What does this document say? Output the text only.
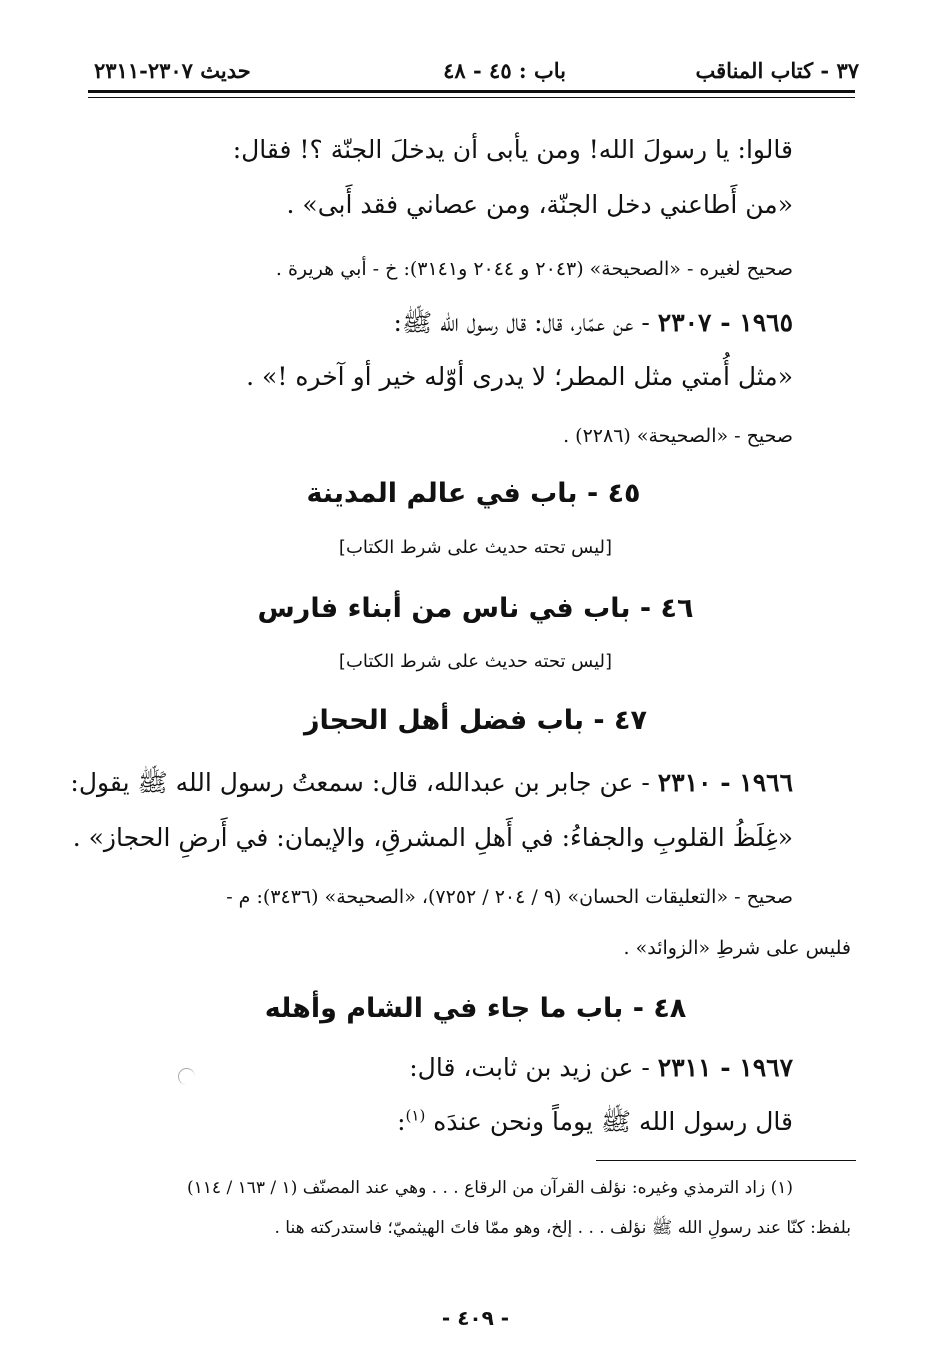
٣٧ - كتاب المناقب
باب : ٤٥ - ٤٨
حديث ٢٣٠٧-٢٣١١
قالوا: يا رسولَ الله! ومن يأبى أن يدخلَ الجنّة ؟! فقال:
«من أَطاعني دخل الجنّة، ومن عصاني فقد أَبى» .
صحيح لغيره - «الصحيحة» (٢٠٤٣ و ٢٠٤٤ و٣١٤١): خ - أبي هريرة .
١٩٦٥ - ٢٣٠٧ - عن عمّار، قال: قال رسول الله ﷺ:
«مثل أُمتي مثل المطر؛ لا يدرى أوّله خير أو آخره !» .
صحيح - «الصحيحة» (٢٢٨٦) .
٤٥ - باب في عالم المدينة
[ليس تحته حديث على شرط الكتاب]
٤٦ - باب في ناس من أبناء فارس
[ليس تحته حديث على شرط الكتاب]
٤٧ - باب فضل أهل الحجاز
١٩٦٦ - ٢٣١٠ - عن جابر بن عبدالله، قال: سمعتُ رسول الله ﷺ يقول:
«غِلَظُ القلوبِ والجفاءُ: في أَهلِ المشرقِ، والإيمان: في أَرضِ الحجاز» .
صحيح - «التعليقات الحسان» (٩ / ٢٠٤ / ٧٢٥٢)، «الصحيحة» (٣٤٣٦): م -
فليس على شرطِ «الزوائد» .
٤٨ - باب ما جاء في الشام وأهله
١٩٦٧ - ٢٣١١ - عن زيد بن ثابت، قال:
قال رسول الله ﷺ يوماً ونحن عندَه $^{(١)}$:
(١) زاد الترمذي وغيره: نؤلف القرآن من الرقاع . . . وهي عند المصنّف (١ / ١٦٣ / ١١٤)
بلفظ: كنّا عند رسولِ الله ﷺ نؤلف . . . إلخ، وهو ممّا فاتَ الهيثميّ؛ فاستدركته هنا .
- ٤٠٩ -
